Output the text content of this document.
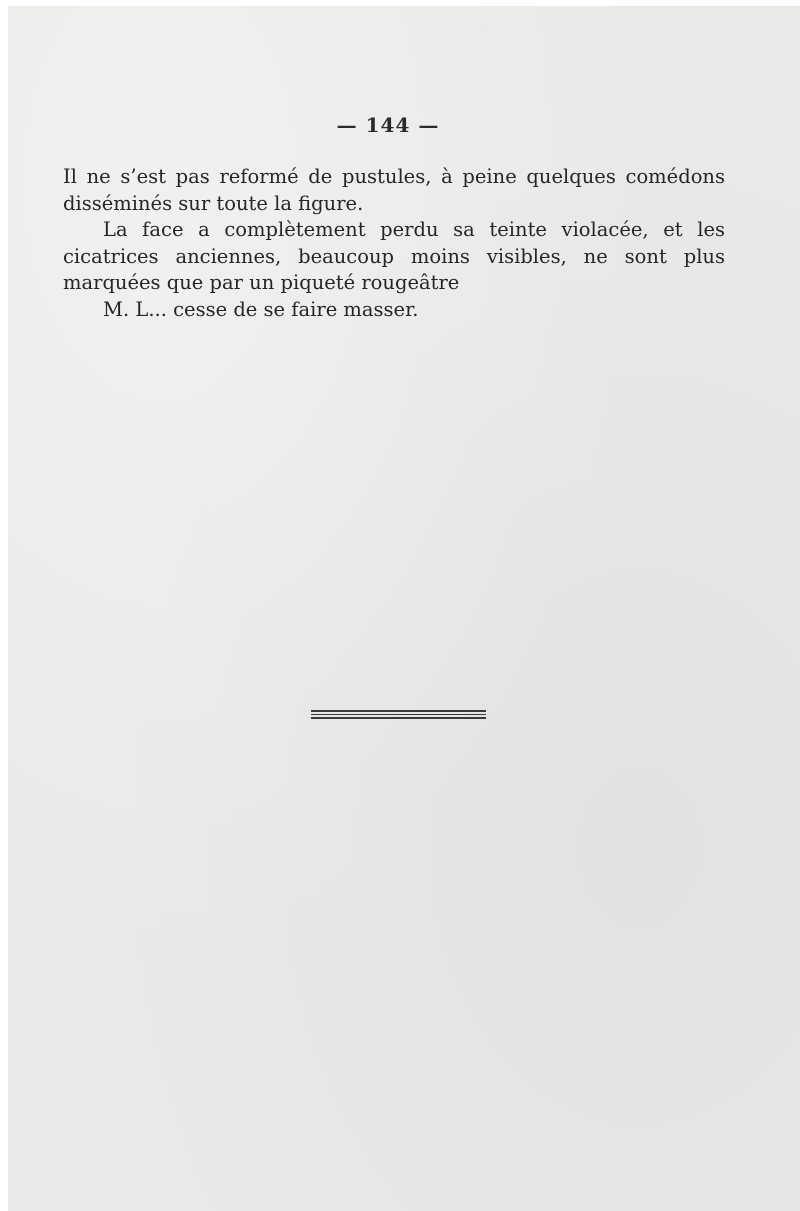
— 144 —

Il ne s’est pas reformé de pustules, à peine quelques comédons disséminés sur toute la figure.

La face a complètement perdu sa teinte violacée, et les cicatrices anciennes, beaucoup moins visibles, ne sont plus marquées que par un piqueté rougeâtre

M. L... cesse de se faire masser.
